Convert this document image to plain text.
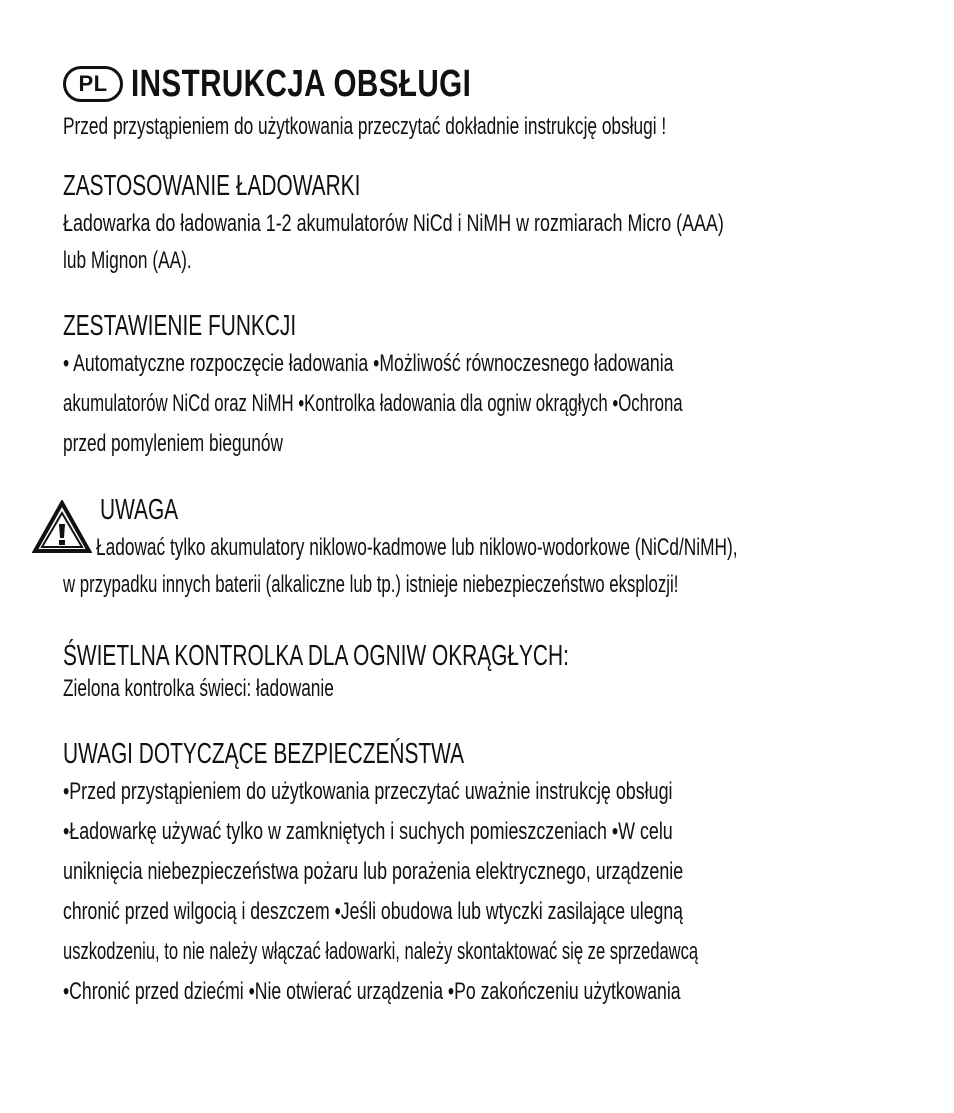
PL INSTRUKCJA OBSŁUGI
Przed przystąpieniem do użytkowania przeczytać dokładnie instrukcję obsługi !
ZASTOSOWANIE ŁADOWARKI
Ładowarka do ładowania 1-2 akumulatorów NiCd i NiMH w rozmiarach Micro (AAA)
lub Mignon (AA).
ZESTAWIENIE FUNKCJI
• Automatyczne rozpoczęcie ładowania •Możliwość równoczesnego ładowania
akumulatorów NiCd oraz NiMH •Kontrolka ładowania dla ogniw okrągłych •Ochrona
przed pomyleniem biegunów
UWAGA
Ładować tylko akumulatory niklowo-kadmowe lub niklowo-wodorkowe (NiCd/NiMH),
w przypadku innych baterii (alkaliczne lub tp.) istnieje niebezpieczeństwo eksplozji!
ŚWIETLNA KONTROLKA DLA OGNIW OKRĄGŁYCH:
Zielona kontrolka świeci: ładowanie
UWAGI DOTYCZĄCE BEZPIECZEŃSTWA
•Przed przystąpieniem do użytkowania przeczytać uważnie instrukcję obsługi
•Ładowarkę używać tylko w zamkniętych i suchych pomieszczeniach •W celu
uniknięcia niebezpieczeństwa pożaru lub porażenia elektrycznego, urządzenie
chronić przed wilgocią i deszczem •Jeśli obudowa lub wtyczki zasilające ulegną
uszkodzeniu, to nie należy włączać ładowarki, należy skontaktować się ze sprzedawcą
•Chronić przed dziećmi •Nie otwierać urządzenia •Po zakończeniu użytkowania
